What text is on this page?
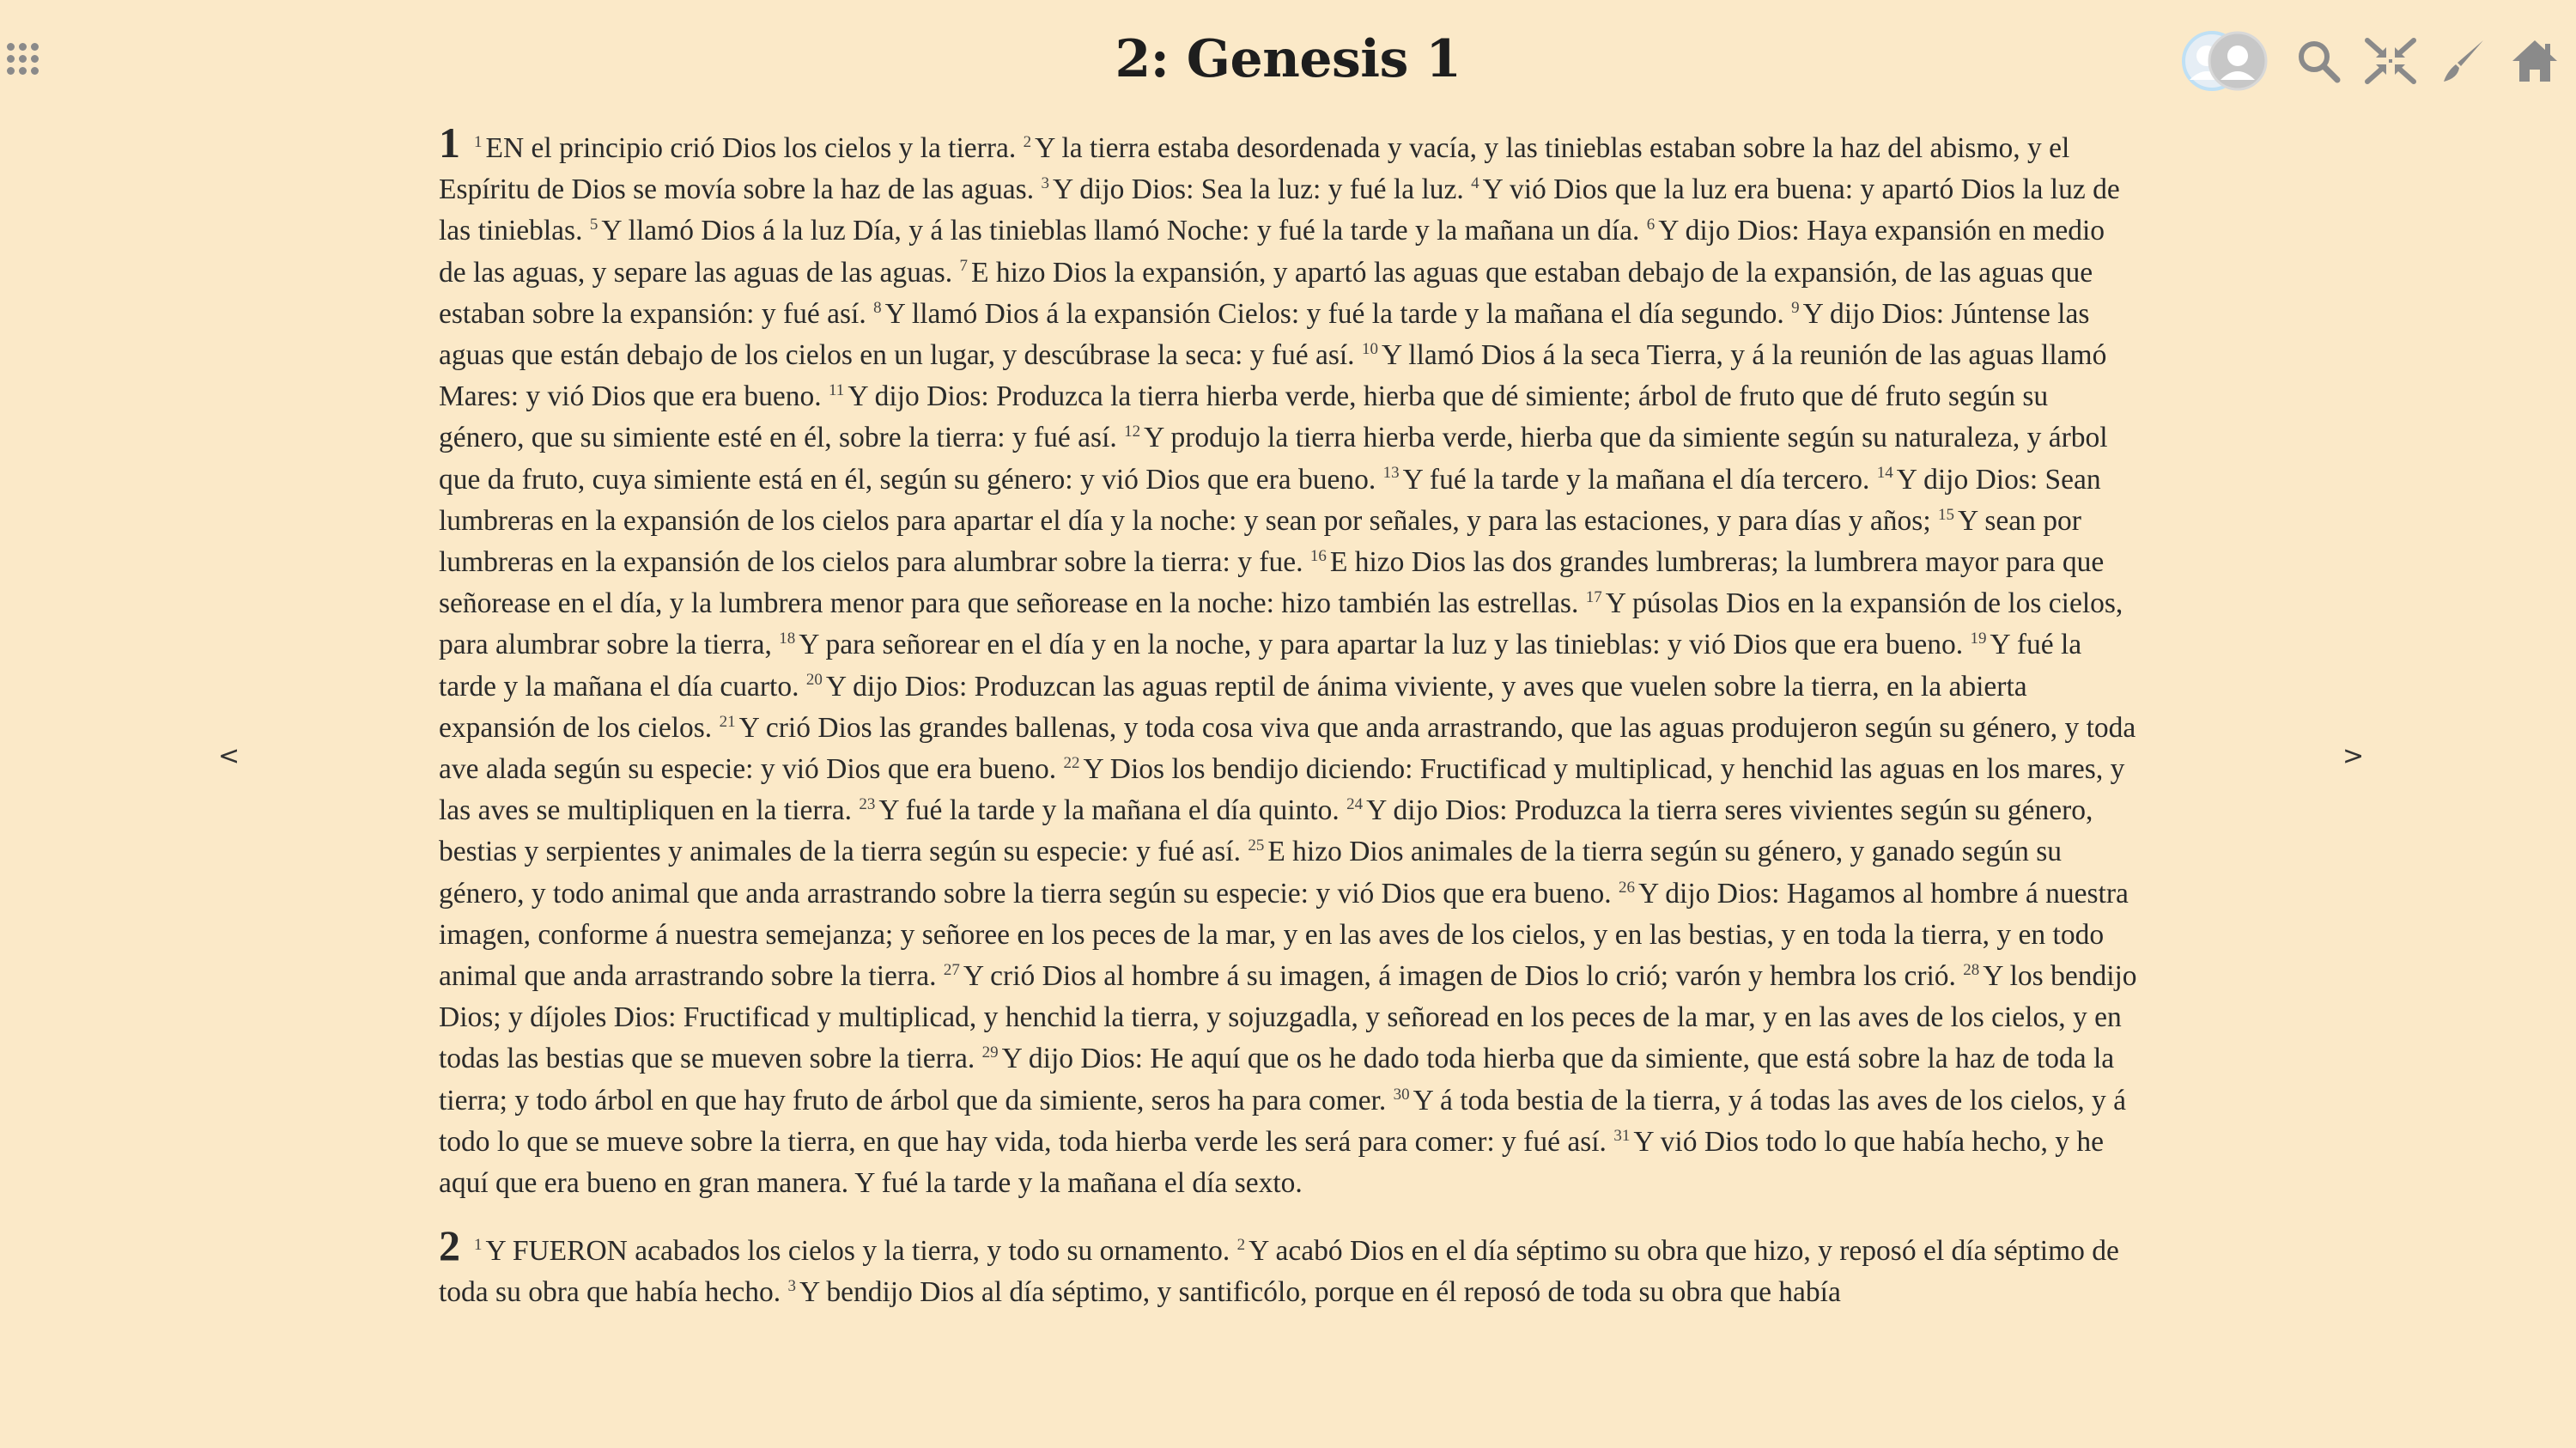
2: Genesis 1
<	>

1 $^1$ EN el principio crió Dios los cielos y la tierra. $^2$ Y la tierra estaba desordenada y vacía, y las tinieblas estaban sobre la haz del abismo, y el Espíritu de Dios se movía sobre la haz de las aguas. $^3$ Y dijo Dios: Sea la luz: y fué la luz. $^4$ Y vió Dios que la luz era buena: y apartó Dios la luz de las tinieblas. $^5$ Y llamó Dios á la luz Día, y á las tinieblas llamó Noche: y fué la tarde y la mañana un día. $^6$ Y dijo Dios: Haya expansión en medio de las aguas, y separe las aguas de las aguas. $^7$ E hizo Dios la expansión, y apartó las aguas que estaban debajo de la expansión, de las aguas que estaban sobre la expansión: y fué así. $^8$ Y llamó Dios á la expansión Cielos: y fué la tarde y la mañana el día segundo. $^9$ Y dijo Dios: Júntense las aguas que están debajo de los cielos en un lugar, y descúbrase la seca: y fué así. $^{10}$ Y llamó Dios á la seca Tierra, y á la reunión de las aguas llamó Mares: y vió Dios que era bueno. $^{11}$ Y dijo Dios: Produzca la tierra hierba verde, hierba que dé simiente; árbol de fruto que dé fruto según su género, que su simiente esté en él, sobre la tierra: y fué así. $^{12}$ Y produjo la tierra hierba verde, hierba que da simiente según su naturaleza, y árbol que da fruto, cuya simiente está en él, según su género: y vió Dios que era bueno. $^{13}$ Y fué la tarde y la mañana el día tercero. $^{14}$ Y dijo Dios: Sean lumbreras en la expansión de los cielos para apartar el día y la noche: y sean por señales, y para las estaciones, y para días y años; $^{15}$ Y sean por lumbreras en la expansión de los cielos para alumbrar sobre la tierra: y fue. $^{16}$ E hizo Dios las dos grandes lumbreras; la lumbrera mayor para que señorease en el día, y la lumbrera menor para que señorease en la noche: hizo también las estrellas. $^{17}$ Y púsolas Dios en la expansión de los cielos, para alumbrar sobre la tierra, $^{18}$ Y para señorear en el día y en la noche, y para apartar la luz y las tinieblas: y vió Dios que era bueno. $^{19}$ Y fué la tarde y la mañana el día cuarto. $^{20}$ Y dijo Dios: Produzcan las aguas reptil de ánima viviente, y aves que vuelen sobre la tierra, en la abierta expansión de los cielos. $^{21}$ Y crió Dios las grandes ballenas, y toda cosa viva que anda arrastrando, que las aguas produjeron según su género, y toda ave alada según su especie: y vió Dios que era bueno. $^{22}$ Y Dios los bendijo diciendo: Fructificad y multiplicad, y henchid las aguas en los mares, y las aves se multipliquen en la tierra. $^{23}$ Y fué la tarde y la mañana el día quinto. $^{24}$ Y dijo Dios: Produzca la tierra seres vivientes según su género, bestias y serpientes y animales de la tierra según su especie: y fué así. $^{25}$ E hizo Dios animales de la tierra según su género, y ganado según su género, y todo animal que anda arrastrando sobre la tierra según su especie: y vió Dios que era bueno. $^{26}$ Y dijo Dios: Hagamos al hombre á nuestra imagen, conforme á nuestra semejanza; y señoree en los peces de la mar, y en las aves de los cielos, y en las bestias, y en toda la tierra, y en todo animal que anda arrastrando sobre la tierra. $^{27}$ Y crió Dios al hombre á su imagen, á imagen de Dios lo crió; varón y hembra los crió. $^{28}$ Y los bendijo Dios; y díjoles Dios: Fructificad y multiplicad, y henchid la tierra, y sojuzgadla, y señoread en los peces de la mar, y en las aves de los cielos, y en todas las bestias que se mueven sobre la tierra. $^{29}$ Y dijo Dios: He aquí que os he dado toda hierba que da simiente, que está sobre la haz de toda la tierra; y todo árbol en que hay fruto de árbol que da simiente, seros ha para comer. $^{30}$ Y á toda bestia de la tierra, y á todas las aves de los cielos, y á todo lo que se mueve sobre la tierra, en que hay vida, toda hierba verde les será para comer: y fué así. $^{31}$ Y vió Dios todo lo que había hecho, y he aquí que era bueno en gran manera. Y fué la tarde y la mañana el día sexto.

2 $^1$ Y FUERON acabados los cielos y la tierra, y todo su ornamento. $^2$ Y acabó Dios en el día séptimo su obra que hizo, y reposó el día séptimo de toda su obra que había hecho. $^3$ Y bendijo Dios al día séptimo, y santificólo, porque en él reposó de toda su obra que había
